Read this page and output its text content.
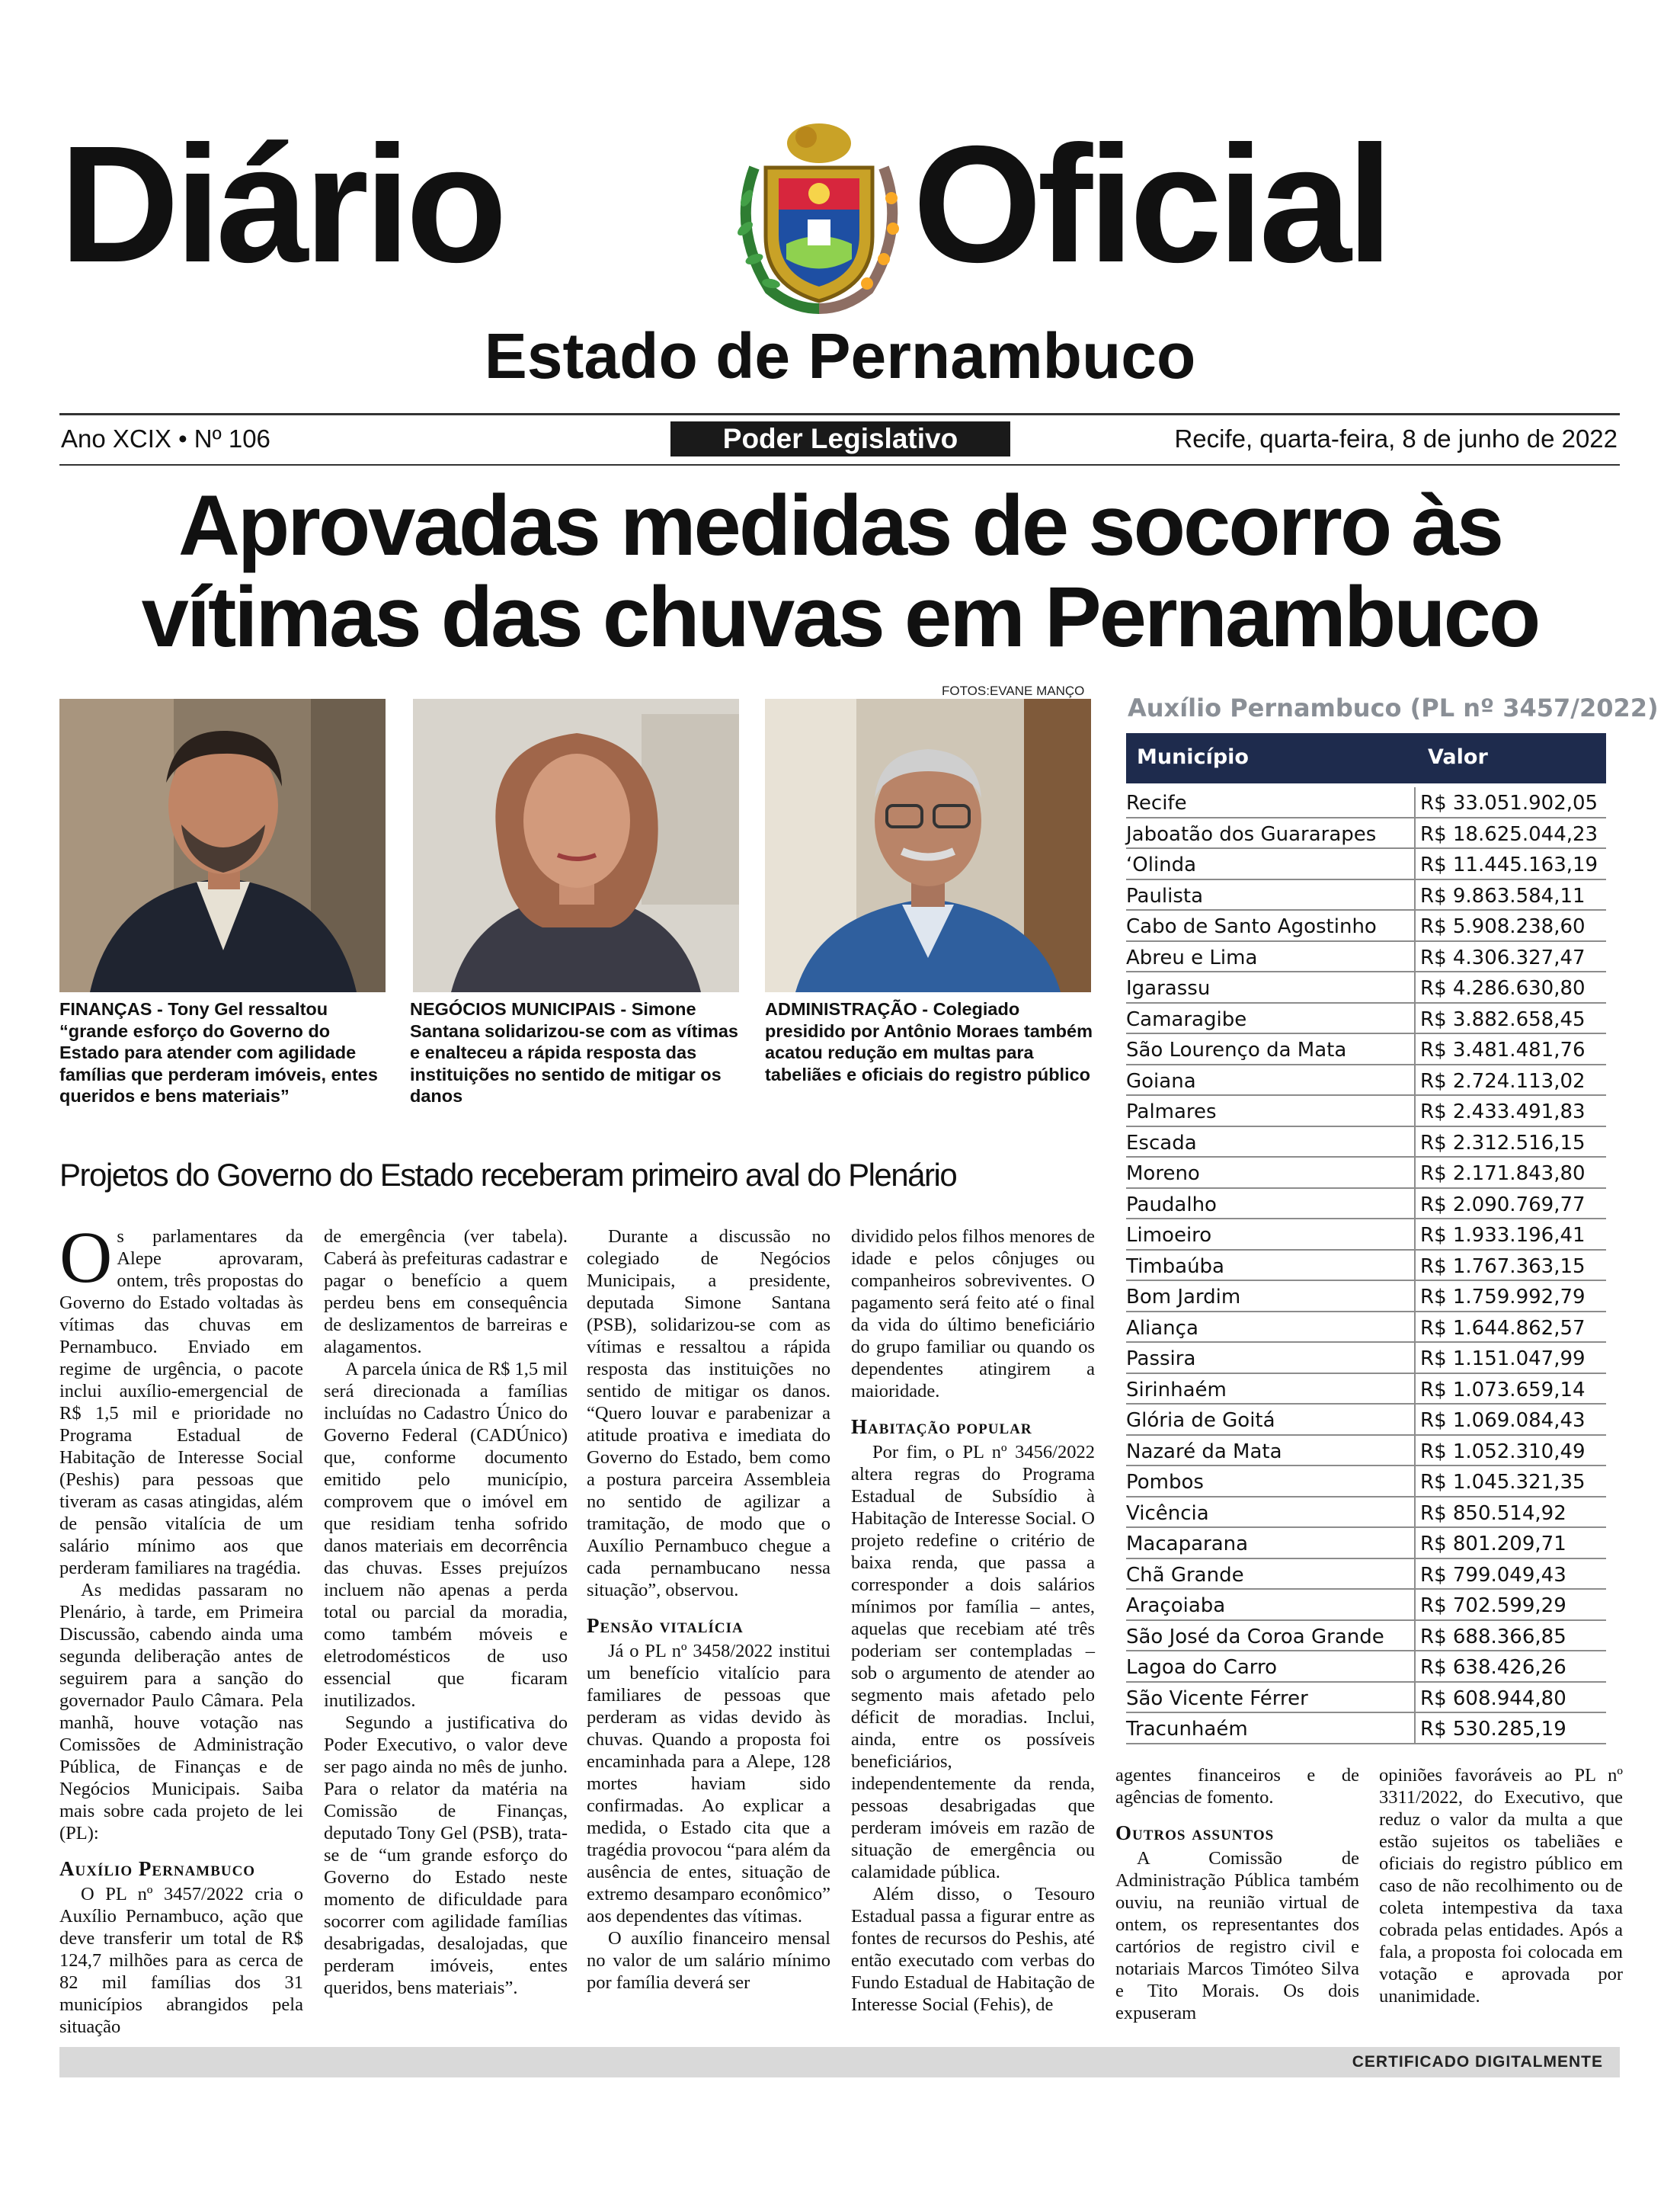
Diário Oficial
Estado de Pernambuco
Ano XCIX • Nº 106	Poder Legislativo	Recife, quarta-feira, 8 de junho de 2022
Aprovadas medidas de socorro às
vítimas das chuvas em Pernambuco
FOTOS:EVANE MANÇO
FINANÇAS - Tony Gel ressaltou “grande esforço do Governo do Estado para atender com agilidade famílias que perderam imóveis, entes queridos e bens materiais”
NEGÓCIOS MUNICIPAIS - Simone Santana solidarizou-se com as vítimas e enalteceu a rápida resposta das instituições no sentido de mitigar os danos
ADMINISTRAÇÃO - Colegiado presidido por Antônio Moraes também acatou redução em multas para tabeliães e oficiais do registro público
Auxílio Pernambuco (PL nº 3457/2022)
Município	Valor
Recife	R$ 33.051.902,05
Jaboatão dos Guararapes R$ 18.625.044,23
‘Olinda	R$ 11.445.163,19
Paulista	R$ 9.863.584,11
Cabo de Santo Agostinho R$ 5.908.238,60
Abreu e Lima	R$ 4.306.327,47
Igarassu	R$ 4.286.630,80
Camaragibe	R$ 3.882.658,45
São Lourenço da Mata	R$ 3.481.481,76
Goiana	R$ 2.724.113,02
Palmares	R$ 2.433.491,83
Escada	R$ 2.312.516,15
Moreno	R$ 2.171.843,80
Paudalho	R$ 2.090.769,77
Limoeiro	R$ 1.933.196,41
Timbaúba	R$ 1.767.363,15
Bom Jardim	R$ 1.759.992,79
Aliança	R$ 1.644.862,57
Passira	R$ 1.151.047,99
Sirinhaém	R$ 1.073.659,14
Glória de Goitá	R$ 1.069.084,43
Nazaré da Mata	R$ 1.052.310,49
Pombos	R$ 1.045.321,35
Vicência	R$ 850.514,92
Macaparana	R$ 801.209,71
Chã Grande	R$ 799.049,43
Araçoiaba	R$ 702.599,29
São José da Coroa Grande R$ 688.366,85
Lagoa do Carro	R$ 638.426,26
São Vicente Férrer	R$ 608.944,80
Tracunhaém	R$ 530.285,19
Projetos do Governo do Estado receberam primeiro aval do Plenário

Os parlamentares da Alepe aprovaram, ontem, três propostas do Governo do Estado voltadas às vítimas das chuvas em Pernambuco. Enviado em regime de urgência, o pacote inclui auxílio-emergencial de R$ 1,5 mil e prioridade no Programa Estadual de Habitação de Interesse Social (Peshis) para pessoas que tiveram as casas atingidas, além de pensão vitalícia de um salário mínimo aos que perderam familiares na tragédia.

As medidas passaram no Plenário, à tarde, em Primeira Discussão, cabendo ainda uma segunda deliberação antes de seguirem para a sanção do governador Paulo Câmara. Pela manhã, houve votação nas Comissões de Administração Pública, de Finanças e de Negócios Municipais. Saiba mais sobre cada projeto de lei (PL):

Auxílio Pernambuco

O PL nº 3457/2022 cria o Auxílio Pernambuco, ação que deve transferir um total de R$ 124,7 milhões para as cerca de 82 mil famílias dos 31 municípios abrangidos pela situação

de emergência (ver tabela). Caberá às prefeituras cadastrar e pagar o benefício a quem perdeu bens em consequência de deslizamentos de barreiras e alagamentos.

A parcela única de R$ 1,5 mil será direcionada a famílias incluídas no Cadastro Único do Governo Federal (CADÚnico) que, conforme documento emitido pelo município, comprovem que o imóvel em que residiam tenha sofrido danos materiais em decorrência das chuvas. Esses prejuízos incluem não apenas a perda total ou parcial da moradia, como também móveis e eletrodomésticos de uso essencial que ficaram inutilizados.

Segundo a justificativa do Poder Executivo, o valor deve ser pago ainda no mês de junho. Para o relator da matéria na Comissão de Finanças, deputado Tony Gel (PSB), trata-se de “um grande esforço do Governo do Estado neste momento de dificuldade para socorrer com agilidade famílias desabrigadas, desalojadas, que perderam imóveis, entes queridos, bens materiais”.

Durante a discussão no colegiado de Negócios Municipais, a presidente, deputada Simone Santana (PSB), solidarizou-se com as vítimas e ressaltou a rápida resposta das instituições no sentido de mitigar os danos. “Quero louvar e parabenizar a atitude proativa e imediata do Governo do Estado, bem como a postura parceira Assembleia no sentido de agilizar a tramitação, de modo que o Auxílio Pernambuco chegue a cada pernambucano nessa situação”, observou.

Pensão vitalícia

Já o PL nº 3458/2022 institui um benefício vitalício para familiares de pessoas que perderam as vidas devido às chuvas. Quando a proposta foi encaminhada para a Alepe, 128 mortes haviam sido confirmadas. Ao explicar a medida, o Estado cita que a tragédia provocou “para além da ausência de entes, situação de extremo desamparo econômico” aos dependentes das vítimas.

O auxílio financeiro mensal no valor de um salário mínimo por família deverá ser

dividido pelos filhos menores de idade e pelos cônjuges ou companheiros sobreviventes. O pagamento será feito até o final da vida do último beneficiário do grupo familiar ou quando os dependentes atingirem a maioridade.

Habitação popular

Por fim, o PL nº 3456/2022 altera regras do Programa Estadual de Subsídio à Habitação de Interesse Social. O projeto redefine o critério de baixa renda, que passa a corresponder a dois salários mínimos por família – antes, aquelas que recebiam até três poderiam ser contempladas – sob o argumento de atender ao segmento mais afetado pelo déficit de moradias. Inclui, ainda, entre os possíveis beneficiários, independentemente da renda, pessoas desabrigadas que perderam imóveis em razão de situação de emergência ou calamidade pública.

Além disso, o Tesouro Estadual passa a figurar entre as fontes de recursos do Peshis, até então executado com verbas do Fundo Estadual de Habitação de Interesse Social (Fehis), de

agentes financeiros e de agências de fomento.

Outros assuntos

A Comissão de Administração Pública também ouviu, na reunião virtual de ontem, os representantes dos cartórios de registro civil e notariais Marcos Timóteo Silva e Tito Morais. Os dois expuseram

opiniões favoráveis ao PL nº 3311/2022, do Executivo, que reduz o valor da multa a que estão sujeitos os tabeliães e oficiais do registro público em caso de não recolhimento ou de coleta intempestiva da taxa cobrada pelas entidades. Após a fala, a proposta foi colocada em votação e aprovada por unanimidade.

CERTIFICADO DIGITALMENTE
